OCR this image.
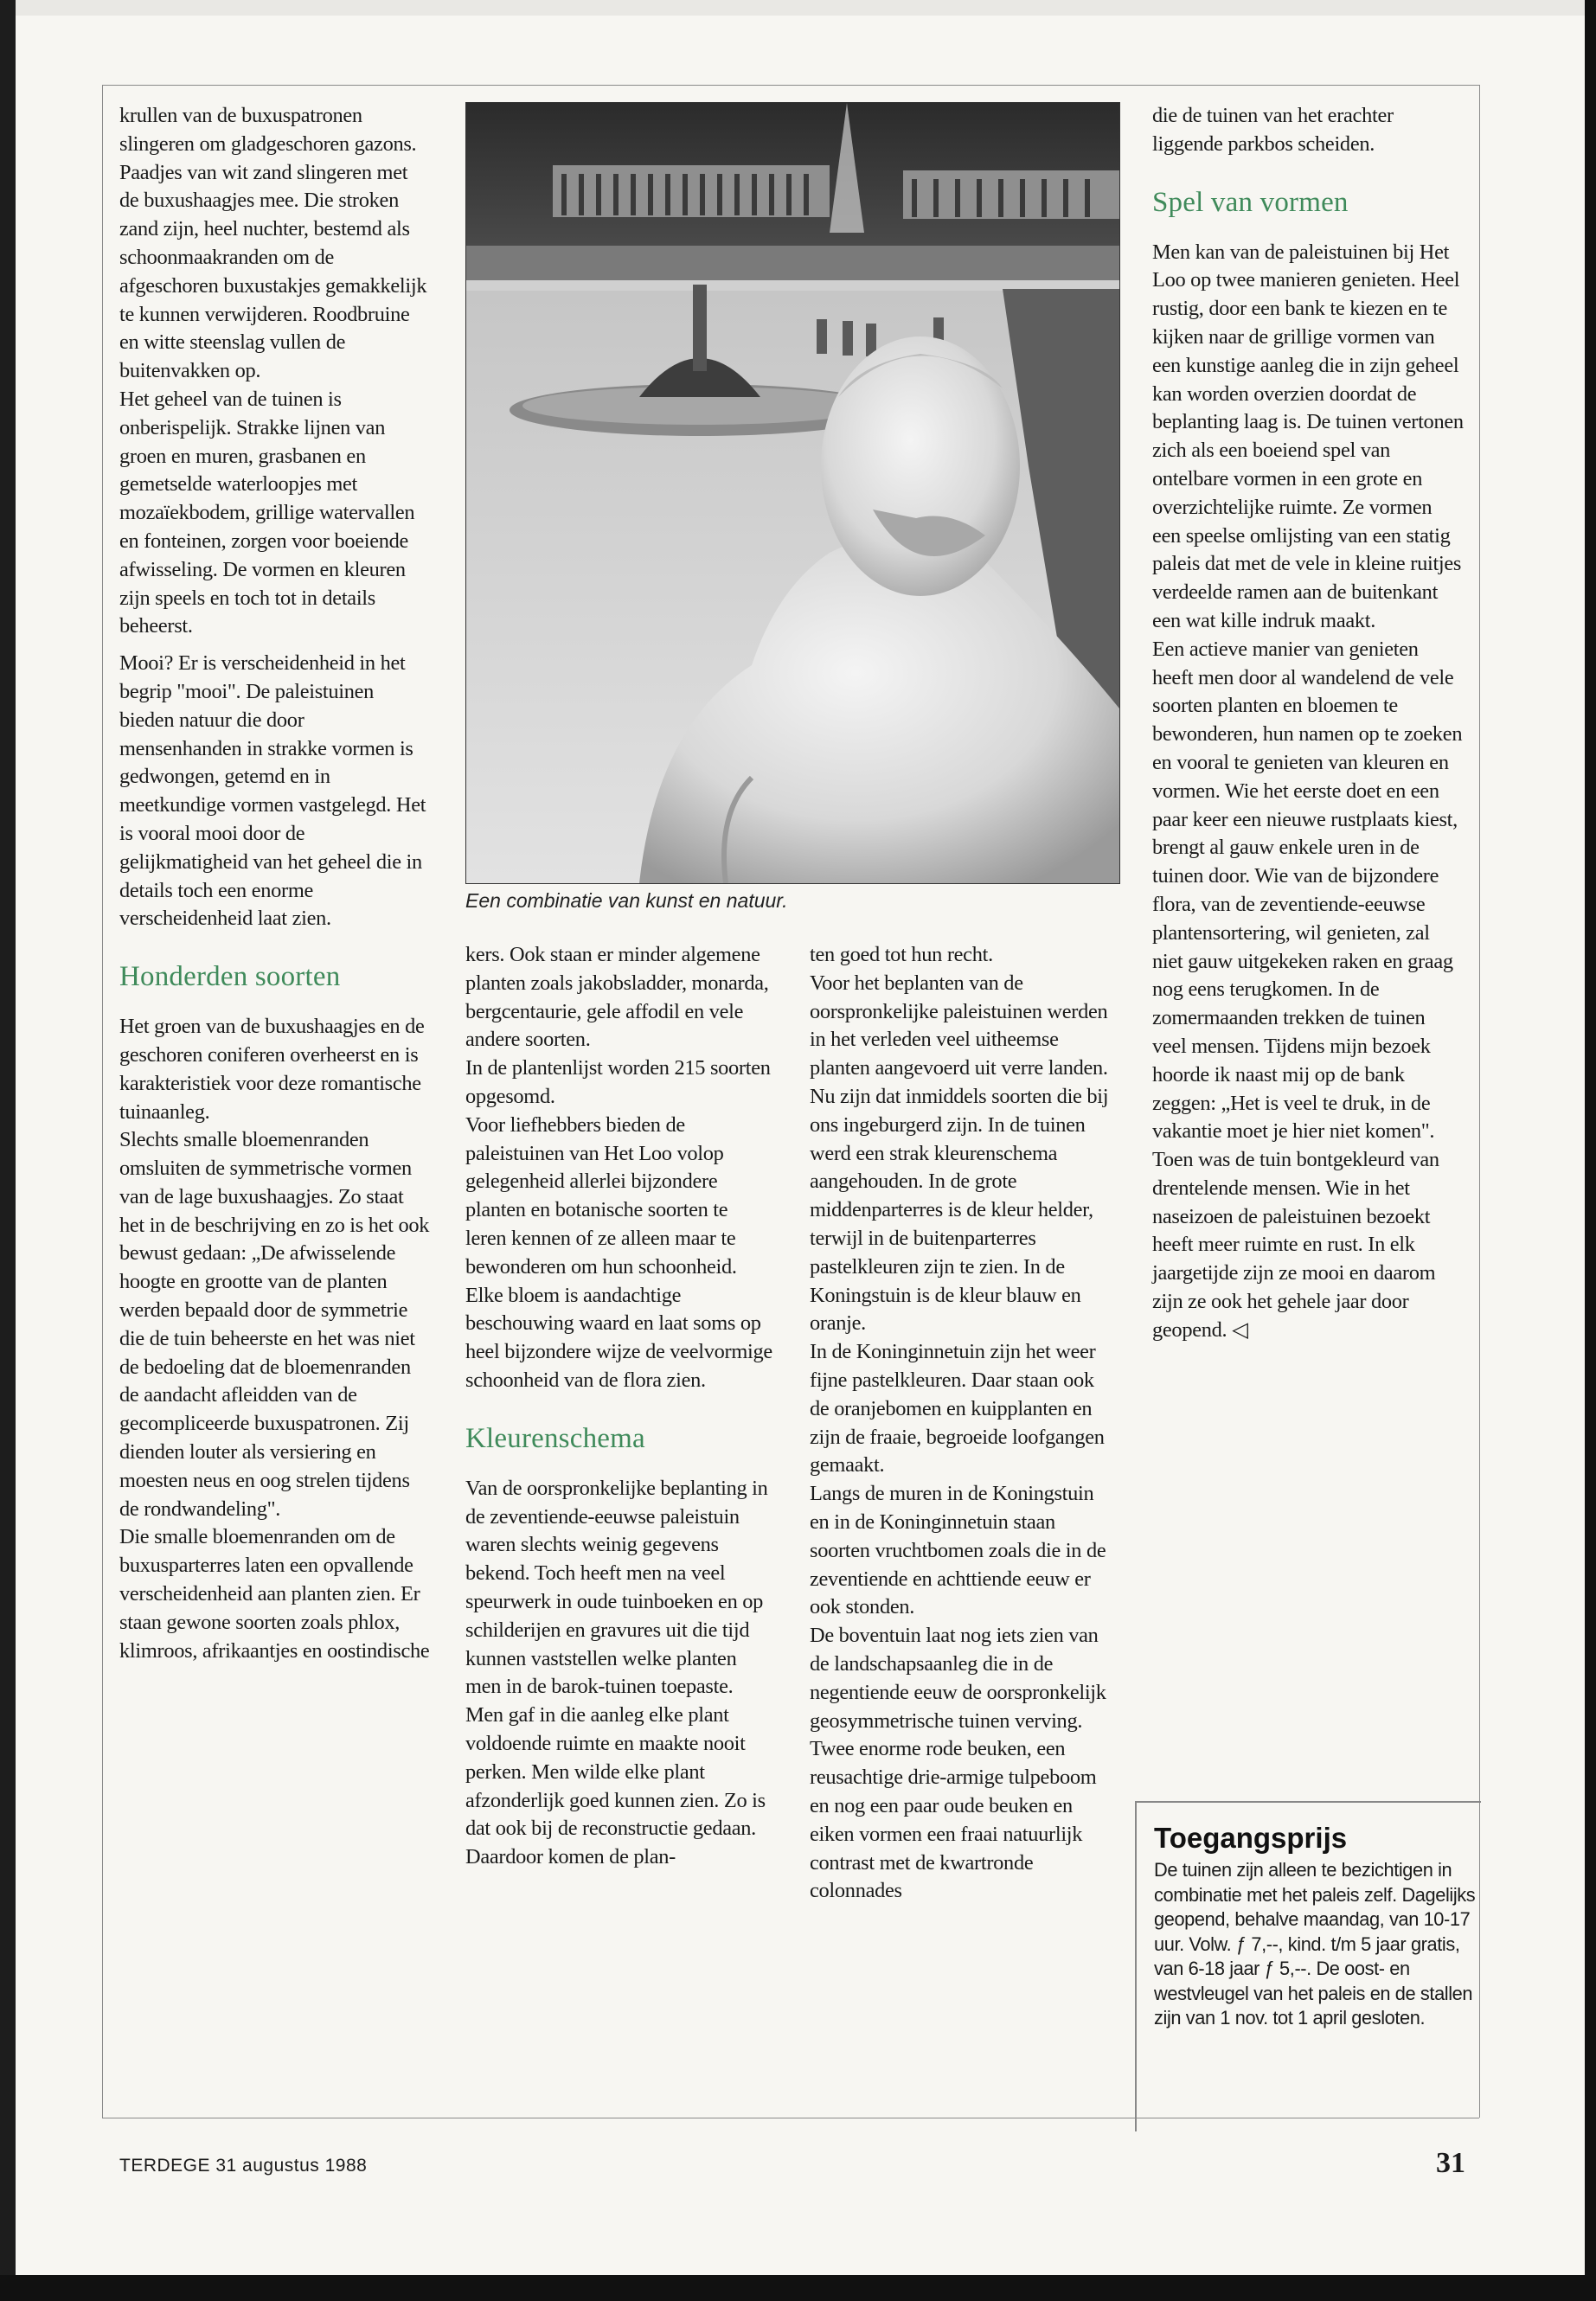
krullen van de buxuspatronen slingeren om gladgeschoren gazons. Paadjes van wit zand slingeren met de buxushaagjes mee. Die stroken zand zijn, heel nuchter, bestemd als schoonmaakranden om de afgeschoren buxustakjes gemakkelijk te kunnen verwijderen. Roodbruine en witte steenslag vullen de buitenvakken op.

Het geheel van de tuinen is onberispelijk. Strakke lijnen van groen en muren, grasbanen en gemetselde waterloopjes met mozaïekbodem, grillige watervallen en fonteinen, zorgen voor boeiende afwisseling. De vormen en kleuren zijn speels en toch tot in details beheerst.

Mooi? Er is verscheidenheid in het begrip "mooi". De paleistuinen bieden natuur die door mensenhanden in strakke vormen is gedwongen, getemd en in meetkundige vormen vastgelegd. Het is vooral mooi door de gelijkmatigheid van het geheel die in details toch een enorme verscheidenheid laat zien.

Honderden soorten

Het groen van de buxushaagjes en de geschoren coniferen overheerst en is karakteristiek voor deze romantische tuinaanleg.

Slechts smalle bloemenranden omsluiten de symmetrische vormen van de lage buxushaagjes. Zo staat het in de beschrijving en zo is het ook bewust gedaan: „De afwisselende hoogte en grootte van de planten werden bepaald door de symmetrie die de tuin beheerste en het was niet de bedoeling dat de bloemenranden de aandacht afleidden van de gecompliceerde buxuspatronen. Zij dienden louter als versiering en moesten neus en oog strelen tijdens de rondwandeling".

Die smalle bloemenranden om de buxusparterres laten een opvallende verscheidenheid aan planten zien. Er staan gewone soorten zoals phlox, klimroos, afrikaantjes en oostindische

Een combinatie van kunst en natuur.

kers. Ook staan er minder algemene planten zoals jakobsladder, monarda, bergcentaurie, gele affodil en vele andere soorten.

In de plantenlijst worden 215 soorten opgesomd.

Voor liefhebbers bieden de paleistuinen van Het Loo volop gelegenheid allerlei bijzondere planten en botanische soorten te leren kennen of ze alleen maar te bewonderen om hun schoonheid. Elke bloem is aandachtige beschouwing waard en laat soms op heel bijzondere wijze de veelvormige schoonheid van de flora zien.

Kleurenschema

Van de oorspronkelijke beplanting in de zeventiende-eeuwse paleistuin waren slechts weinig gegevens bekend. Toch heeft men na veel speurwerk in oude tuinboeken en op schilderijen en gravures uit die tijd kunnen vaststellen welke planten men in de barok-tuinen toepaste. Men gaf in die aanleg elke plant voldoende ruimte en maakte nooit perken. Men wilde elke plant afzonderlijk goed kunnen zien. Zo is dat ook bij de reconstructie gedaan. Daardoor komen de plan-

ten goed tot hun recht.

Voor het beplanten van de oorspronkelijke paleistuinen werden in het verleden veel uitheemse planten aangevoerd uit verre landen. Nu zijn dat inmiddels soorten die bij ons ingeburgerd zijn. In de tuinen werd een strak kleurenschema aangehouden. In de grote middenparterres is de kleur helder, terwijl in de buitenparterres pastelkleuren zijn te zien. In de Koningstuin is de kleur blauw en oranje.

In de Koninginnetuin zijn het weer fijne pastelkleuren. Daar staan ook de oranjebomen en kuipplanten en zijn de fraaie, begroeide loofgangen gemaakt.

Langs de muren in de Koningstuin en in de Koninginnetuin staan soorten vruchtbomen zoals die in de zeventiende en achttiende eeuw er ook stonden.

De boventuin laat nog iets zien van de landschapsaanleg die in de negentiende eeuw de oorspronkelijk geosymmetrische tuinen verving. Twee enorme rode beuken, een reusachtige drie-armige tulpeboom en nog een paar oude beuken en eiken vormen een fraai natuurlijk contrast met de kwartronde colonnades

die de tuinen van het erachter liggende parkbos scheiden.

Spel van vormen

Men kan van de paleistuinen bij Het Loo op twee manieren genieten. Heel rustig, door een bank te kiezen en te kijken naar de grillige vormen van een kunstige aanleg die in zijn geheel kan worden overzien doordat de beplanting laag is. De tuinen vertonen zich als een boeiend spel van ontelbare vormen in een grote en overzichtelijke ruimte. Ze vormen een speelse omlijsting van een statig paleis dat met de vele in kleine ruitjes verdeelde ramen aan de buitenkant een wat kille indruk maakt.

Een actieve manier van genieten heeft men door al wandelend de vele soorten planten en bloemen te bewonderen, hun namen op te zoeken en vooral te genieten van kleuren en vormen. Wie het eerste doet en een paar keer een nieuwe rustplaats kiest, brengt al gauw enkele uren in de tuinen door. Wie van de bijzondere flora, van de zeventiende-eeuwse plantensortering, wil genieten, zal niet gauw uitgekeken raken en graag nog eens terugkomen. In de zomermaanden trekken de tuinen veel mensen. Tijdens mijn bezoek hoorde ik naast mij op de bank zeggen: „Het is veel te druk, in de vakantie moet je hier niet komen". Toen was de tuin bontgekleurd van drentelende mensen. Wie in het naseizoen de paleistuinen bezoekt heeft meer ruimte en rust. In elk jaargetijde zijn ze mooi en daarom zijn ze ook het gehele jaar door geopend. ◁

Toegangsprijs

De tuinen zijn alleen te bezichtigen in combinatie met het paleis zelf. Dagelijks geopend, behalve maandag, van 10-17 uur. Volw. ƒ 7,--, kind. t/m 5 jaar gratis, van 6-18 jaar ƒ 5,--. De oost- en westvleugel van het paleis en de stallen zijn van 1 nov. tot 1 april gesloten.

TERDEGE 31 augustus 1988	31
